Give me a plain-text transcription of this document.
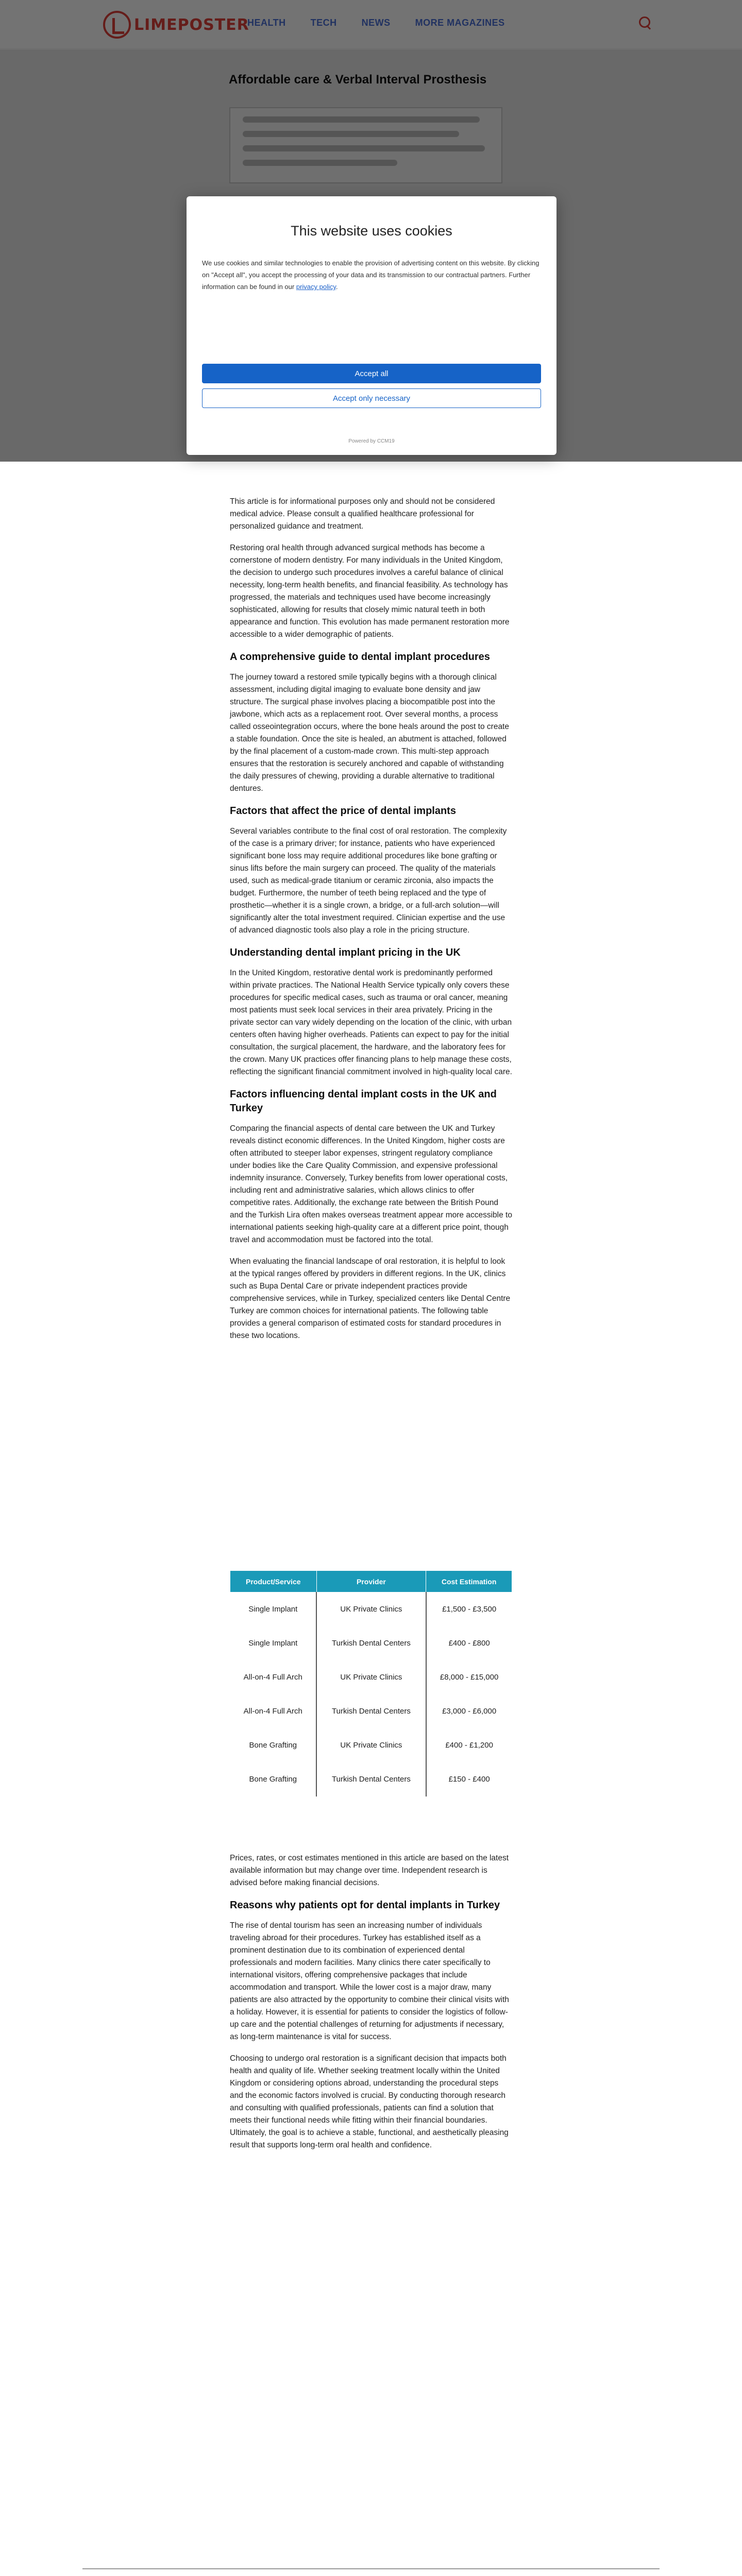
This website uses cookies
We use cookies and similar technologies to enable the provision of advertising content on this website. By clicking on "Accept all", you accept the processing of your data and its transmission to our contractual partners. Further information can be found in our privacy policy.
Accept all
Accept only necessary
Powered by CCM19

This article is for informational purposes only and should not be considered medical advice. Please consult a qualified healthcare professional for personalized guidance and treatment.

Restoring oral health through advanced surgical methods has become a cornerstone of modern dentistry. For many individuals in the United Kingdom, the decision to undergo such procedures involves a careful balance of clinical necessity, long-term health benefits, and financial feasibility. As technology has progressed, the materials and techniques used have become increasingly sophisticated, allowing for results that closely mimic natural teeth in both appearance and function. This evolution has made permanent restoration more accessible to a wider demographic of patients.

A comprehensive guide to dental implant procedures

The journey toward a restored smile typically begins with a thorough clinical assessment, including digital imaging to evaluate bone density and jaw structure. The surgical phase involves placing a biocompatible post into the jawbone, which acts as a replacement root. Over several months, a process called osseointegration occurs, where the bone heals around the post to create a stable foundation. Once the site is healed, an abutment is attached, followed by the final placement of a custom-made crown. This multi-step approach ensures that the restoration is securely anchored and capable of withstanding the daily pressures of chewing, providing a durable alternative to traditional dentures.

Factors that affect the price of dental implants

Several variables contribute to the final cost of oral restoration. The complexity of the case is a primary driver; for instance, patients who have experienced significant bone loss may require additional procedures like bone grafting or sinus lifts before the main surgery can proceed. The quality of the materials used, such as medical-grade titanium or ceramic zirconia, also impacts the budget. Furthermore, the number of teeth being replaced and the type of prosthetic—whether it is a single crown, a bridge, or a full-arch solution—will significantly alter the total investment required. Clinician expertise and the use of advanced diagnostic tools also play a role in the pricing structure.

Understanding dental implant pricing in the UK

In the United Kingdom, restorative dental work is predominantly performed within private practices. The National Health Service typically only covers these procedures for specific medical cases, such as trauma or oral cancer, meaning most patients must seek local services in their area privately. Pricing in the private sector can vary widely depending on the location of the clinic, with urban centers often having higher overheads. Patients can expect to pay for the initial consultation, the surgical placement, the hardware, and the laboratory fees for the crown. Many UK practices offer financing plans to help manage these costs, reflecting the significant financial commitment involved in high-quality local care.

Factors influencing dental implant costs in the UK and Turkey

Comparing the financial aspects of dental care between the UK and Turkey reveals distinct economic differences. In the United Kingdom, higher costs are often attributed to steeper labor expenses, stringent regulatory compliance under bodies like the Care Quality Commission, and expensive professional indemnity insurance. Conversely, Turkey benefits from lower operational costs, including rent and administrative salaries, which allows clinics to offer competitive rates. Additionally, the exchange rate between the British Pound and the Turkish Lira often makes overseas treatment appear more accessible to international patients seeking high-quality care at a different price point, though travel and accommodation must be factored into the total.

When evaluating the financial landscape of oral restoration, it is helpful to look at the typical ranges offered by providers in different regions. In the UK, clinics such as Bupa Dental Care or private independent practices provide comprehensive services, while in Turkey, specialized centers like Dental Centre Turkey are common choices for international patients. The following table provides a general comparison of estimated costs for standard procedures in these two locations.

Product/Service	Provider	Cost Estimation
Single Implant	UK Private Clinics	£1,500 - £3,500
Single Implant	Turkish Dental Centers	£400 - £800
All-on-4 Full Arch	UK Private Clinics	£8,000 - £15,000
All-on-4 Full Arch	Turkish Dental Centers	£3,000 - £6,000
Bone Grafting	UK Private Clinics	£400 - £1,200
Bone Grafting	Turkish Dental Centers	£150 - £400

Prices, rates, or cost estimates mentioned in this article are based on the latest available information but may change over time. Independent research is advised before making financial decisions.

Reasons why patients opt for dental implants in Turkey

The rise of dental tourism has seen an increasing number of individuals traveling abroad for their procedures. Turkey has established itself as a prominent destination due to its combination of experienced dental professionals and modern facilities. Many clinics there cater specifically to international visitors, offering comprehensive packages that include accommodation and transport. While the lower cost is a major draw, many patients are also attracted by the opportunity to combine their clinical visits with a holiday. However, it is essential for patients to consider the logistics of follow-up care and the potential challenges of returning for adjustments if necessary, as long-term maintenance is vital for success.

Choosing to undergo oral restoration is a significant decision that impacts both health and quality of life. Whether seeking treatment locally within the United Kingdom or considering options abroad, understanding the procedural steps and the economic factors involved is crucial. By conducting thorough research and consulting with qualified professionals, patients can find a solution that meets their functional needs while fitting within their financial boundaries. Ultimately, the goal is to achieve a stable, functional, and aesthetically pleasing result that supports long-term oral health and confidence.
